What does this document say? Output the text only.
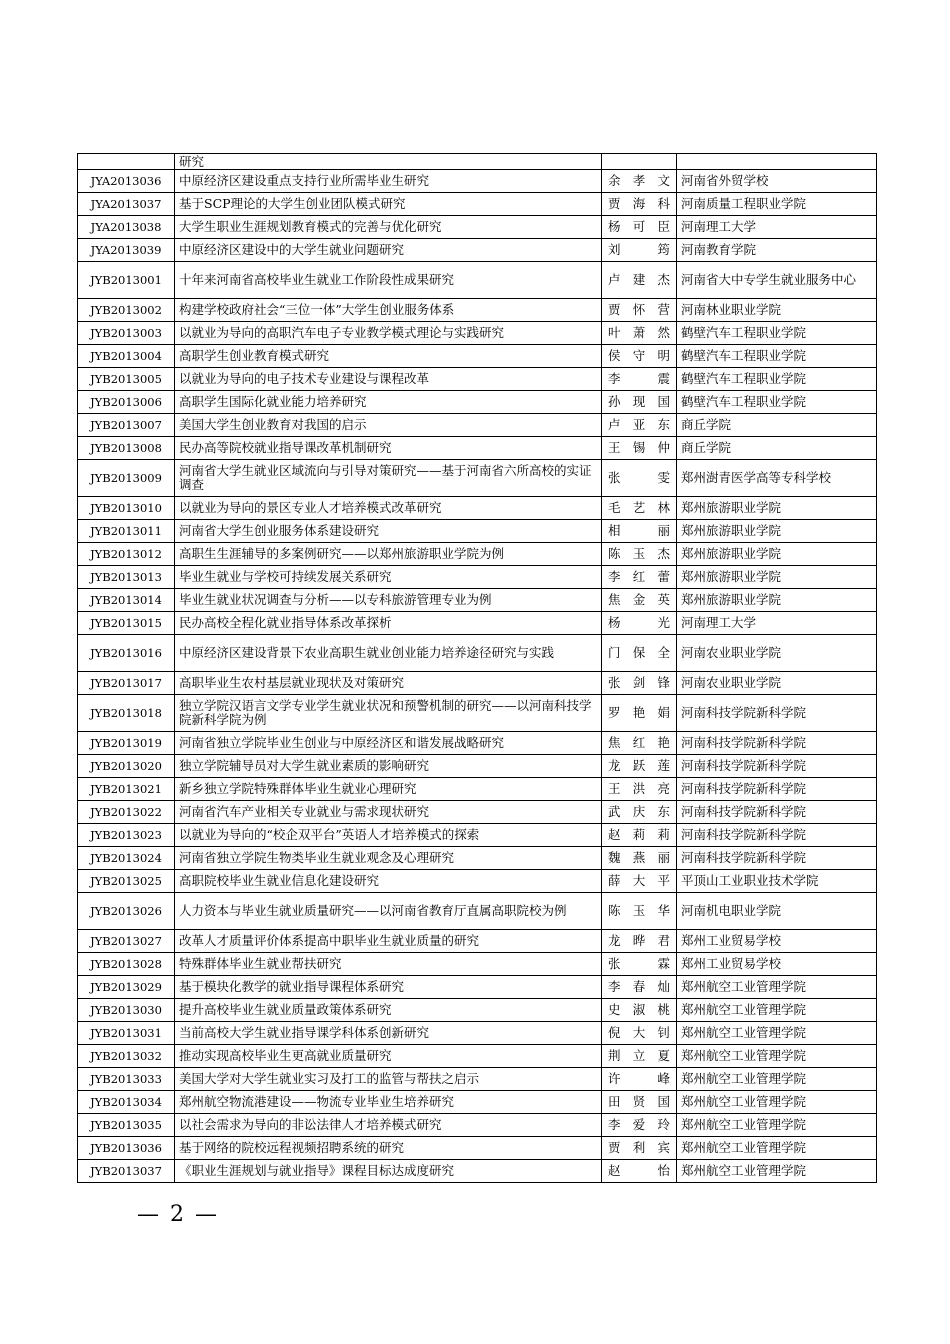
	研究		
JYA2013036	中原经济区建设重点支持行业所需毕业生研究	余孝文	河南省外贸学校
JYA2013037	基于SCP理论的大学生创业团队模式研究	贾海科	河南质量工程职业学院
JYA2013038	大学生职业生涯规划教育模式的完善与优化研究	杨可臣	河南理工大学
JYA2013039	中原经济区建设中的大学生就业问题研究	刘　筠	河南教育学院
JYB2013001	十年来河南省高校毕业生就业工作阶段性成果研究	卢建杰	河南省大中专学生就业服务中心
JYB2013002	构建学校政府社会“三位一体”大学生创业服务体系	贾怀营	河南林业职业学院
JYB2013003	以就业为导向的高职汽车电子专业教学模式理论与实践研究	叶萧然	鹤壁汽车工程职业学院
JYB2013004	高职学生创业教育模式研究	侯守明	鹤壁汽车工程职业学院
JYB2013005	以就业为导向的电子技术专业建设与课程改革	李　震	鹤壁汽车工程职业学院
JYB2013006	高职学生国际化就业能力培养研究	孙现国	鹤壁汽车工程职业学院
JYB2013007	美国大学生创业教育对我国的启示	卢亚东	商丘学院
JYB2013008	民办高等院校就业指导课改革机制研究	王锡仲	商丘学院
JYB2013009	河南省大学生就业区域流向与引导对策研究——基于河南省六所高校的实证调查	张　雯	郑州澍青医学高等专科学校
JYB2013010	以就业为导向的景区专业人才培养模式改革研究	毛艺林	郑州旅游职业学院
JYB2013011	河南省大学生创业服务体系建设研究	相　丽	郑州旅游职业学院
JYB2013012	高职生生涯辅导的多案例研究——以郑州旅游职业学院为例	陈玉杰	郑州旅游职业学院
JYB2013013	毕业生就业与学校可持续发展关系研究	李红蕾	郑州旅游职业学院
JYB2013014	毕业生就业状况调查与分析——以专科旅游管理专业为例	焦金英	郑州旅游职业学院
JYB2013015	民办高校全程化就业指导体系改革探析	杨　光	河南理工大学
JYB2013016	中原经济区建设背景下农业高职生就业创业能力培养途径研究与实践	门保全	河南农业职业学院
JYB2013017	高职毕业生农村基层就业现状及对策研究	张剑锋	河南农业职业学院
JYB2013018	独立学院汉语言文学专业学生就业状况和预警机制的研究——以河南科技学院新科学院为例	罗艳娟	河南科技学院新科学院
JYB2013019	河南省独立学院毕业生创业与中原经济区和谐发展战略研究	焦红艳	河南科技学院新科学院
JYB2013020	独立学院辅导员对大学生就业素质的影响研究	龙跃莲	河南科技学院新科学院
JYB2013021	新乡独立学院特殊群体毕业生就业心理研究	王洪亮	河南科技学院新科学院
JYB2013022	河南省汽车产业相关专业就业与需求现状研究	武庆东	河南科技学院新科学院
JYB2013023	以就业为导向的“校企双平台”英语人才培养模式的探索	赵莉莉	河南科技学院新科学院
JYB2013024	河南省独立学院生物类毕业生就业观念及心理研究	魏燕丽	河南科技学院新科学院
JYB2013025	高职院校毕业生就业信息化建设研究	薛大平	平顶山工业职业技术学院
JYB2013026	人力资本与毕业生就业质量研究——以河南省教育厅直属高职院校为例	陈玉华	河南机电职业学院
JYB2013027	改革人才质量评价体系提高中职毕业生就业质量的研究	龙晔君	郑州工业贸易学校
JYB2013028	特殊群体毕业生就业帮扶研究	张　霖	郑州工业贸易学校
JYB2013029	基于模块化教学的就业指导课程体系研究	李春灿	郑州航空工业管理学院
JYB2013030	提升高校毕业生就业质量政策体系研究	史淑桃	郑州航空工业管理学院
JYB2013031	当前高校大学生就业指导课学科体系创新研究	倪大钊	郑州航空工业管理学院
JYB2013032	推动实现高校毕业生更高就业质量研究	荆立夏	郑州航空工业管理学院
JYB2013033	美国大学对大学生就业实习及打工的监管与帮扶之启示	许　峰	郑州航空工业管理学院
JYB2013034	郑州航空物流港建设——物流专业毕业生培养研究	田贤国	郑州航空工业管理学院
JYB2013035	以社会需求为导向的非讼法律人才培养模式研究	李爱玲	郑州航空工业管理学院
JYB2013036	基于网络的院校远程视频招聘系统的研究	贾利宾	郑州航空工业管理学院
JYB2013037	《职业生涯规划与就业指导》课程目标达成度研究	赵　怡	郑州航空工业管理学院
— 2 —
